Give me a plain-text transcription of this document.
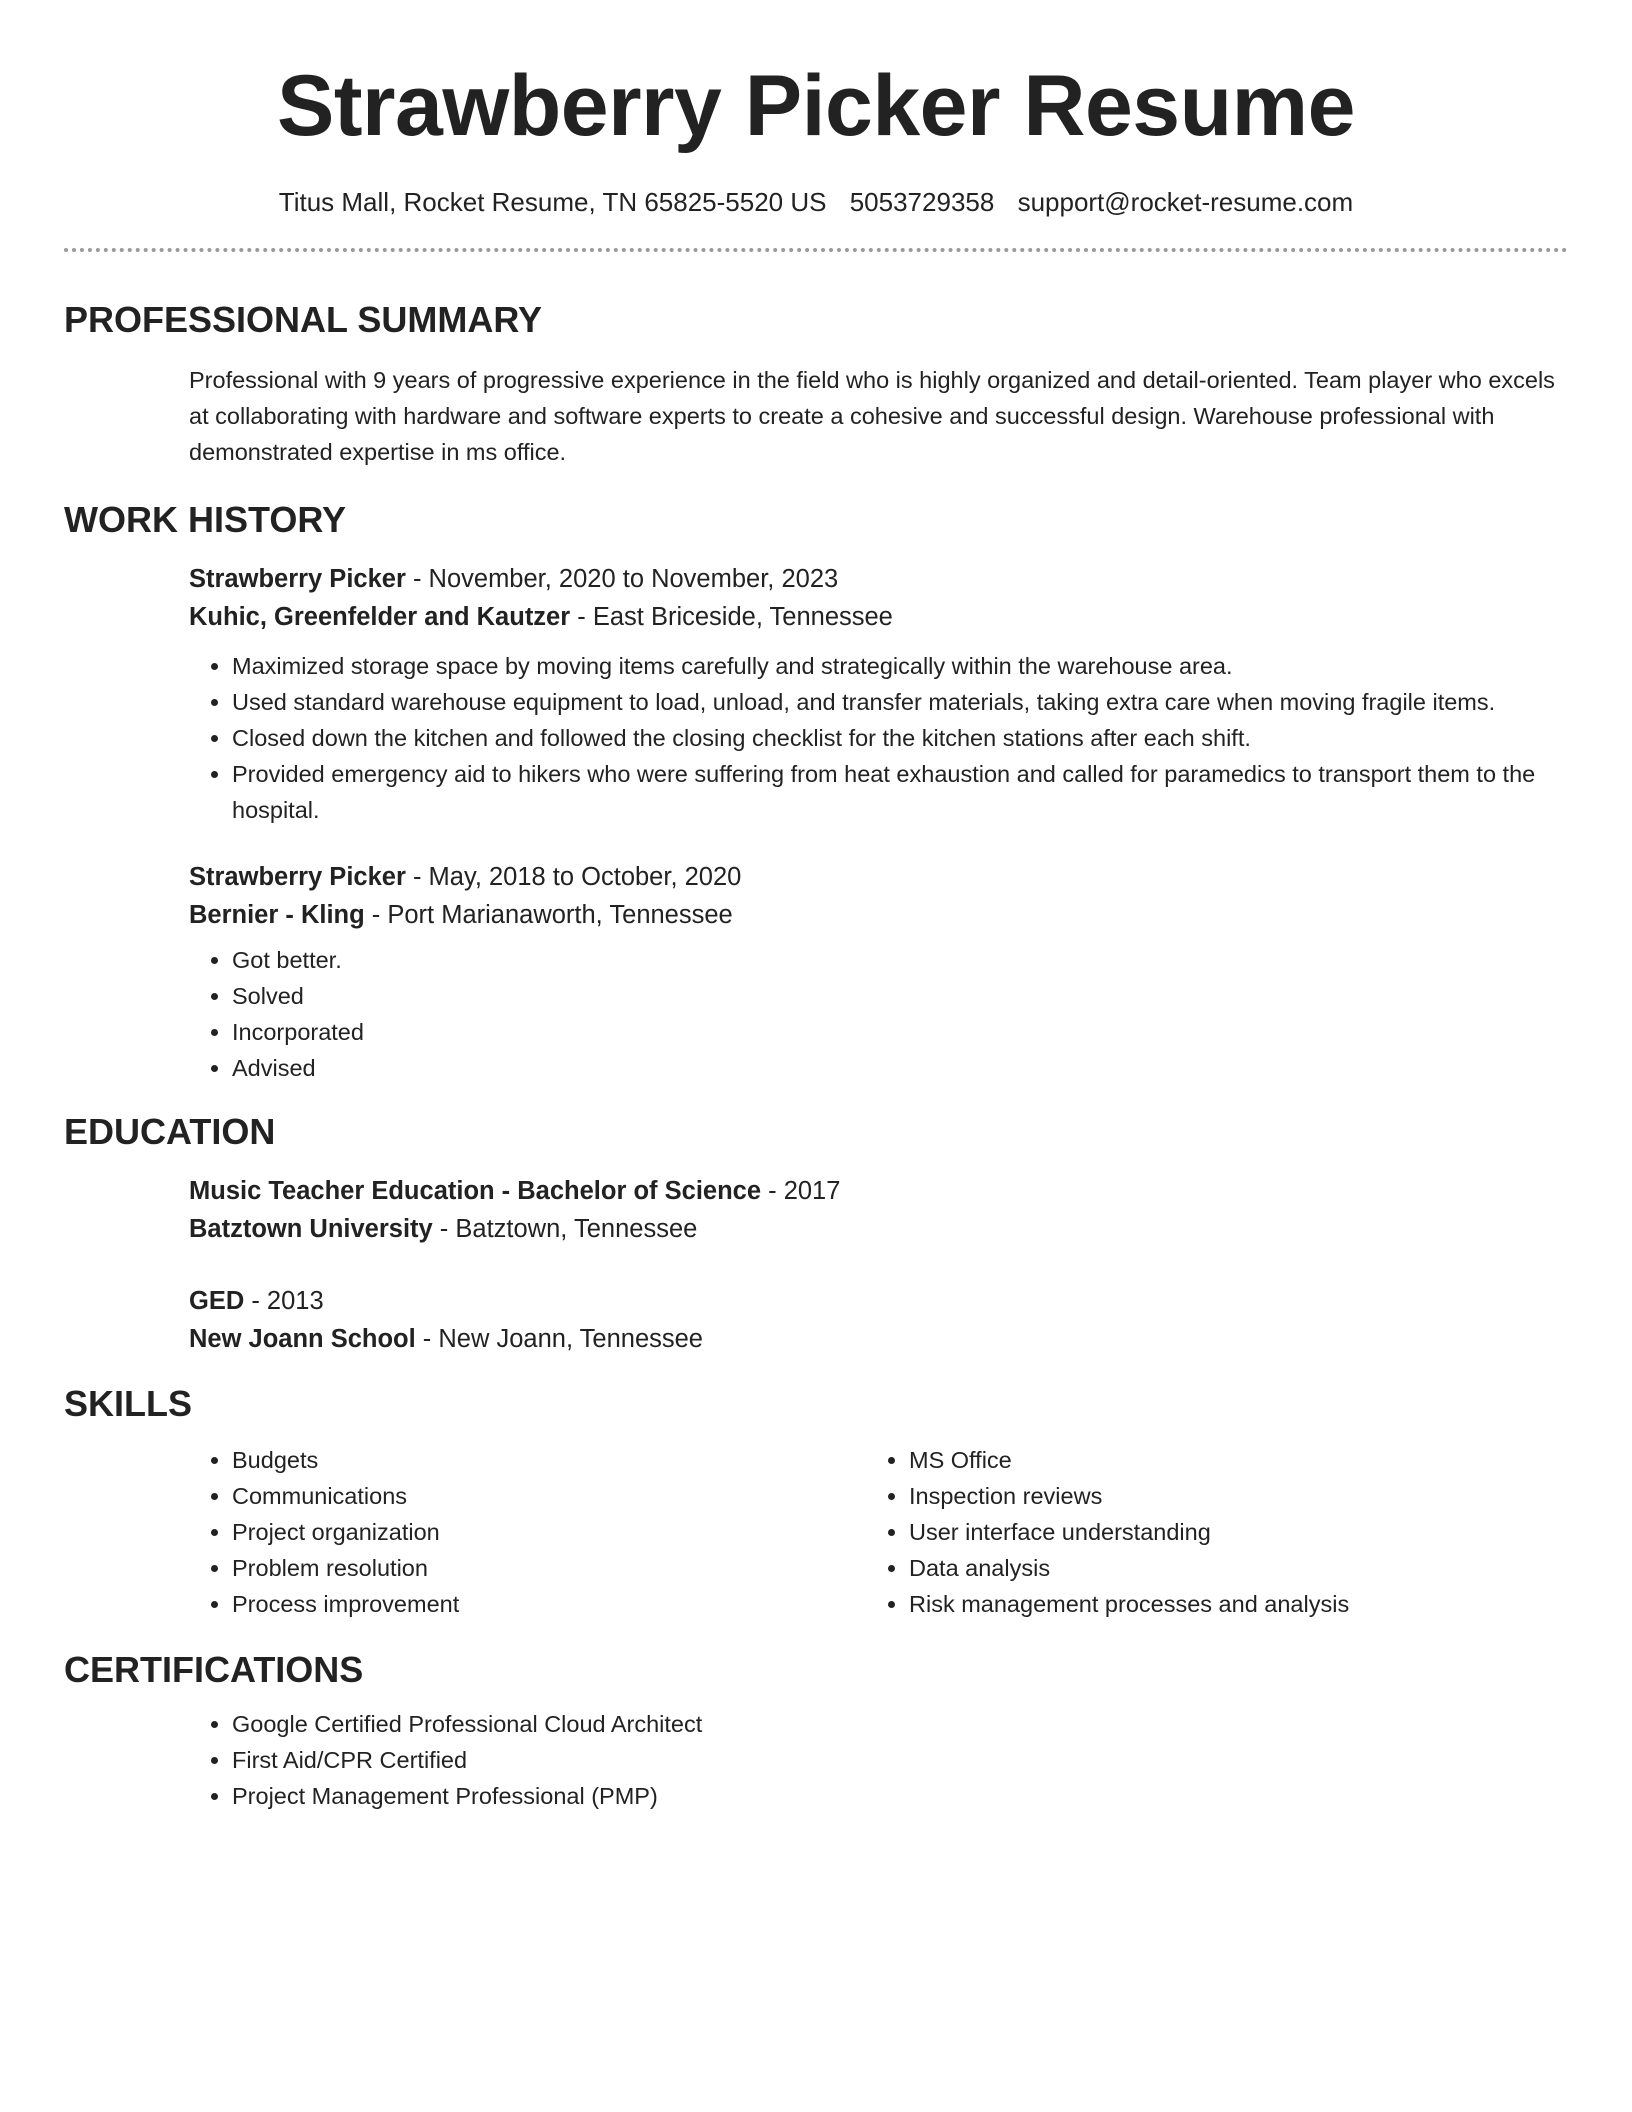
Strawberry Picker Resume
Titus Mall, Rocket Resume, TN 65825-5520 US 5053729358 support@rocket-resume.com
PROFESSIONAL SUMMARY

Professional with 9 years of progressive experience in the field who is highly organized and detail-oriented. Team player who excels at collaborating with hardware and software experts to create a cohesive and successful design. Warehouse professional with demonstrated expertise in ms office.

WORK HISTORY

Strawberry Picker - November, 2020 to November, 2023

Kuhic, Greenfelder and Kautzer - East Briceside, Tennessee

• Maximized storage space by moving items carefully and strategically within the warehouse area.
• Used standard warehouse equipment to load, unload, and transfer materials, taking extra care when moving fragile items.
• Closed down the kitchen and followed the closing checklist for the kitchen stations after each shift.
• Provided emergency aid to hikers who were suffering from heat exhaustion and called for paramedics to transport them to the hospital.

Strawberry Picker - May, 2018 to October, 2020

Bernier - Kling - Port Marianaworth, Tennessee

• Got better.
• Solved
• Incorporated
• Advised
EDUCATION

Music Teacher Education - Bachelor of Science - 2017

Batztown University - Batztown, Tennessee

GED - 2013

New Joann School - New Joann, Tennessee

SKILLS
• Budgets
• Communications
• Project organization
• Problem resolution
• Process improvement
• MS Office
• Inspection reviews
• User interface understanding
• Data analysis
• Risk management processes and analysis
CERTIFICATIONS
• Google Certified Professional Cloud Architect
• First Aid/CPR Certified
• Project Management Professional (PMP)
